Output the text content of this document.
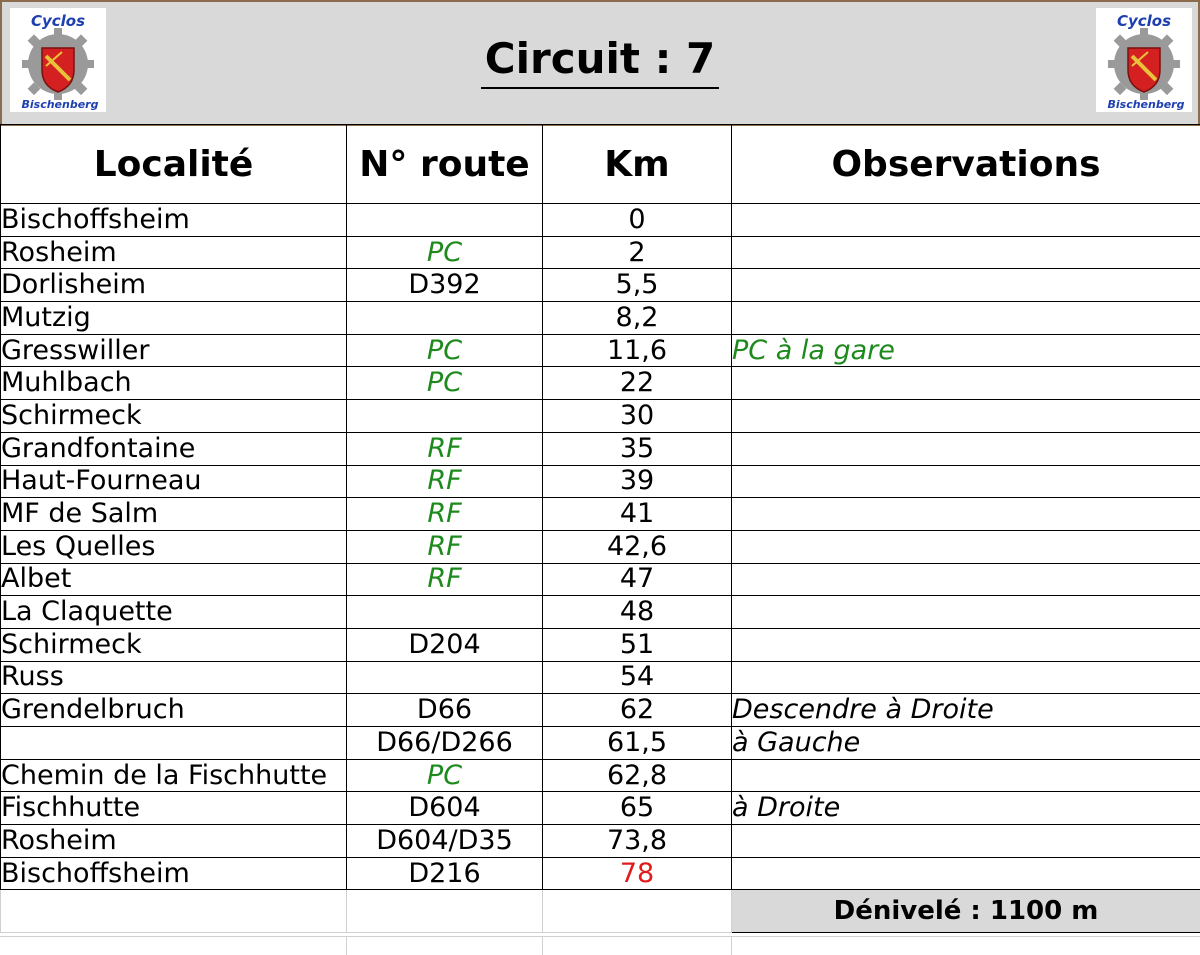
Cyclos
Bischenberg
Cyclos
Bischenberg
Circuit : 7
Localité	N° route	Km	Observations
Bischoffsheim		0	
Rosheim	PC	2	
Dorlisheim	D392	5,5	
Mutzig		8,2	
Gresswiller	PC	11,6	PC à la gare
Muhlbach	PC	22	
Schirmeck		30	
Grandfontaine	RF	35	
Haut-Fourneau	RF	39	
MF de Salm	RF	41	
Les Quelles	RF	42,6	
Albet	RF	47	
La Claquette		48	
Schirmeck	D204	51	
Russ		54	
Grendelbruch	D66	62	Descendre à Droite
	D66/D266	61,5	à Gauche
Chemin de la Fischhutte	PC	62,8	
Fischhutte	D604	65	à Droite
Rosheim	D604/D35	73,8	
Bischoffsheim	D216	78	
			Dénivelé : 1100 m
